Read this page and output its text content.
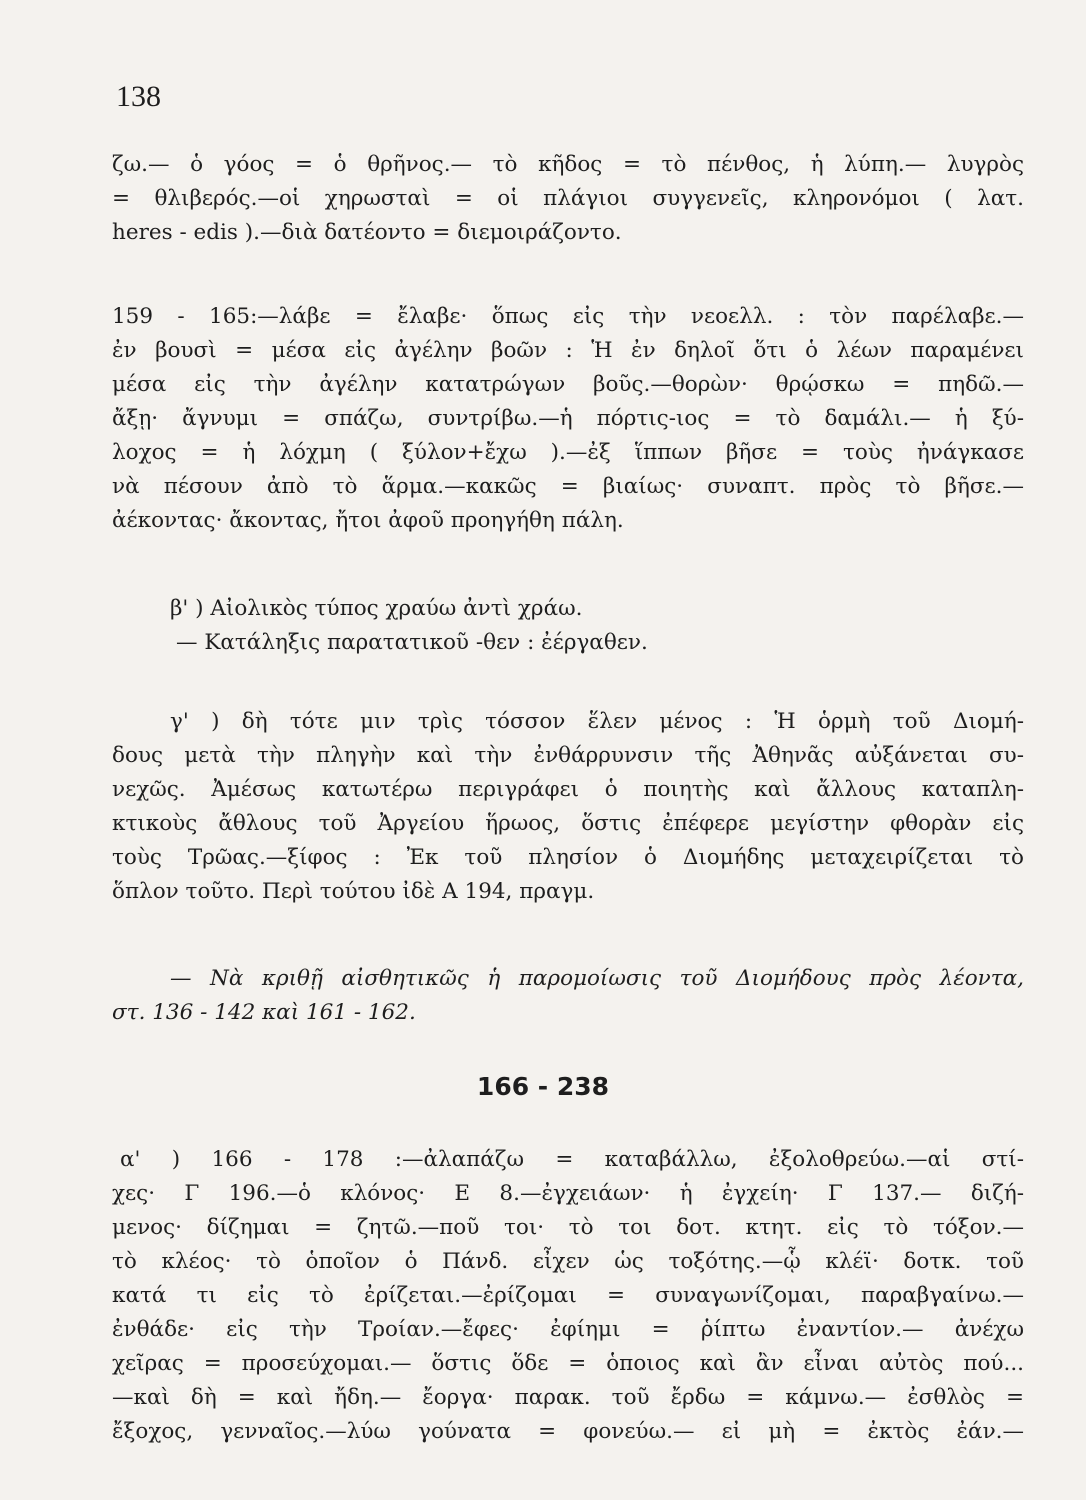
138
ζω.— ὁ γόος = ὁ θρῆνος.— τὸ κῆδος = τὸ πένθος, ἡ λύπη.— λυγρὸς
= θλιβερός.—οἱ χηρωσταὶ = οἱ πλάγιοι συγγενεῖς, κληρονόμοι ( λατ.
heres - edis ).—διὰ δατέοντο = διεμοιράζοντο.
159 - 165:—λάβε = ἔλαβε· ὅπως εἰς τὴν νεοελλ. : τὸν παρέλαβε.—
ἐν βουσὶ = μέσα εἰς ἀγέλην βοῶν : Ἡ ἐν δηλοῖ ὅτι ὁ λέων παραμένει
μέσα εἰς τὴν ἀγέλην κατατρώγων βοῦς.—θορὼν· θρῴσκω = πηδῶ.—
ἄξῃ· ἄγνυμι = σπάζω, συντρίβω.—ἡ πόρτις-ιος = τὸ δαμάλι.— ἡ ξύ-
λοχος = ἡ λόχμη ( ξύλον+ἔχω ).—ἐξ ἵππων βῆσε = τοὺς ἠνάγκασε
νὰ πέσουν ἀπὸ τὸ ἅρμα.—κακῶς = βιαίως· συναπτ. πρὸς τὸ βῆσε.—
ἀέκοντας· ἄκοντας, ἤτοι ἀφοῦ προηγήθη πάλη.
β' ) Αἰολικὸς τύπος χραύω ἀντὶ χράω.
— Κατάληξις παρατατικοῦ -θεν : ἐέργαθεν.
γ' ) δὴ τότε μιν τρὶς τόσσον ἕλεν μένος : Ἡ ὁρμὴ τοῦ Διομή-
δους μετὰ τὴν πληγὴν καὶ τὴν ἐνθάρρυνσιν τῆς Ἀθηνᾶς αὐξάνεται συ-
νεχῶς. Ἀμέσως κατωτέρω περιγράφει ὁ ποιητὴς καὶ ἄλλους καταπλη-
κτικοὺς ἄθλους τοῦ Ἀργείου ἥρωος, ὅστις ἐπέφερε μεγίστην φθορὰν εἰς
τοὺς Τρῶας.—ξίφος : Ἐκ τοῦ πλησίον ὁ Διομήδης μεταχειρίζεται τὸ
ὅπλον τοῦτο. Περὶ τούτου ἰδὲ Α 194, πραγμ.
— Νὰ κριθῇ αἰσθητικῶς ἡ παρομοίωσις τοῦ Διομήδους πρὸς λέοντα,
στ. 136 - 142 καὶ 161 - 162.
166 - 238
α' ) 166 - 178 :—ἀλαπάζω = καταβάλλω, ἐξολοθρεύω.—αἱ στί-
χες· Γ 196.—ὁ κλόνος· Ε 8.—ἐγχειάων· ἡ ἐγχείη· Γ 137.— διζή-
μενος· δίζημαι = ζητῶ.—ποῦ τοι· τὸ τοι δοτ. κτητ. εἰς τὸ τόξον.—
τὸ κλέος· τὸ ὁποῖον ὁ Πάνδ. εἶχεν ὡς τοξότης.—ᾧ κλέϊ· δοτκ. τοῦ
κατά τι εἰς τὸ ἐρίζεται.—ἐρίζομαι = συναγωνίζομαι, παραβγαίνω.—
ἐνθάδε· εἰς τὴν Τροίαν.—ἔφες· ἐφίημι = ῥίπτω ἐναντίον.— ἀνέχω
χεῖρας = προσεύχομαι.— ὅστις ὅδε = ὁποιος καὶ ἂν εἶναι αὐτὸς πού...
—καὶ δὴ = καὶ ἤδη.— ἔοργα· παρακ. τοῦ ἔρδω = κάμνω.— ἐσθλὸς =
ἔξοχος, γενναῖος.—λύω γούνατα = φονεύω.— εἰ μὴ = ἐκτὸς ἐάν.—
